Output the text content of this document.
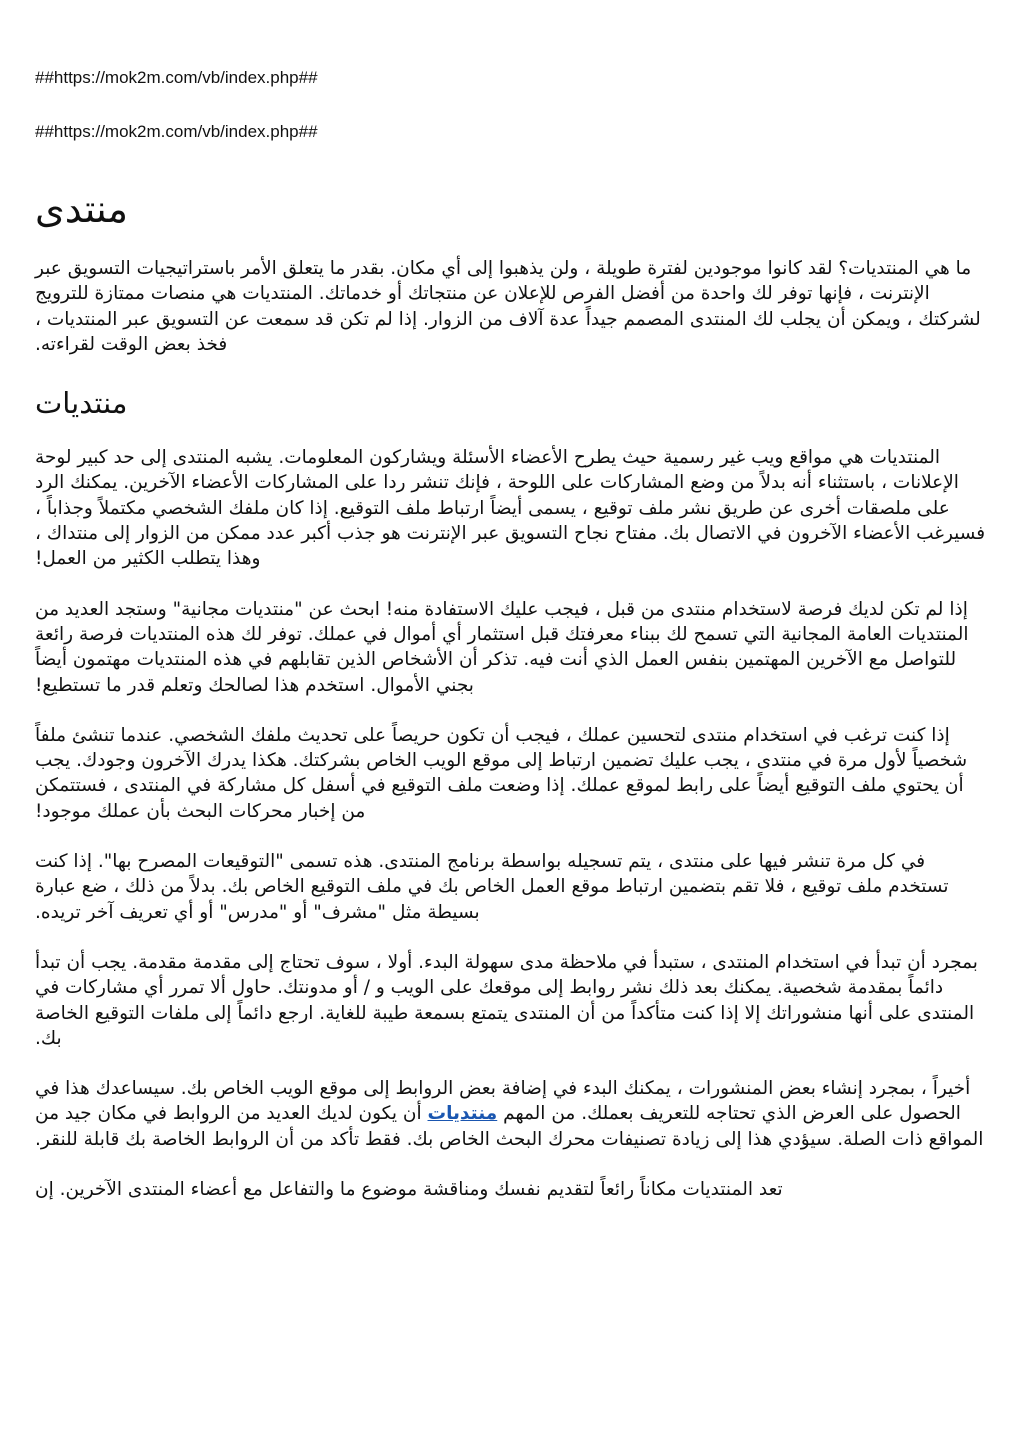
##https://mok2m.com/vb/index.php##

##https://mok2m.com/vb/index.php##

منتدى

ما هي المنتديات؟ لقد كانوا موجودين لفترة طويلة ، ولن يذهبوا إلى أي مكان. بقدر ما يتعلق الأمر باستراتيجيات التسويق عبر الإنترنت ، فإنها توفر لك واحدة من أفضل الفرص للإعلان عن منتجاتك أو خدماتك. المنتديات هي منصات ممتازة للترويج لشركتك ، ويمكن أن يجلب لك المنتدى المصمم جيداً عدة آلاف من الزوار. إذا لم تكن قد سمعت عن التسويق عبر المنتديات ، فخذ بعض الوقت لقراءته.

منتديات

المنتديات هي مواقع ويب غير رسمية حيث يطرح الأعضاء الأسئلة ويشاركون المعلومات. يشبه المنتدى إلى حد كبير لوحة الإعلانات ، باستثناء أنه بدلاً من وضع المشاركات على اللوحة ، فإنك تنشر ردا على المشاركات الأعضاء الآخرين. يمكنك الرد على ملصقات أخرى عن طريق نشر ملف توقيع ، يسمى أيضاً ارتباط ملف التوقيع. إذا كان ملفك الشخصي مكتملاً وجذاباً ، فسيرغب الأعضاء الآخرون في الاتصال بك. مفتاح نجاح التسويق عبر الإنترنت هو جذب أكبر عدد ممكن من الزوار إلى منتداك ، وهذا يتطلب الكثير من العمل!

إذا لم تكن لديك فرصة لاستخدام منتدى من قبل ، فيجب عليك الاستفادة منه! ابحث عن "منتديات مجانية" وستجد العديد من المنتديات العامة المجانية التي تسمح لك ببناء معرفتك قبل استثمار أي أموال في عملك. توفر لك هذه المنتديات فرصة رائعة للتواصل مع الآخرين المهتمين بنفس العمل الذي أنت فيه. تذكر أن الأشخاص الذين تقابلهم في هذه المنتديات مهتمون أيضاً بجني الأموال. استخدم هذا لصالحك وتعلم قدر ما تستطيع!

إذا كنت ترغب في استخدام منتدى لتحسين عملك ، فيجب أن تكون حريصاً على تحديث ملفك الشخصي. عندما تنشئ ملفاً شخصياً لأول مرة في منتدى ، يجب عليك تضمين ارتباط إلى موقع الويب الخاص بشركتك. هكذا يدرك الآخرون وجودك. يجب أن يحتوي ملف التوقيع أيضاً على رابط لموقع عملك. إذا وضعت ملف التوقيع في أسفل كل مشاركة في المنتدى ، فستتمكن من إخبار محركات البحث بأن عملك موجود!

في كل مرة تنشر فيها على منتدى ، يتم تسجيله بواسطة برنامج المنتدى. هذه تسمى "التوقيعات المصرح بها". إذا كنت تستخدم ملف توقيع ، فلا تقم بتضمين ارتباط موقع العمل الخاص بك في ملف التوقيع الخاص بك. بدلاً من ذلك ، ضع عبارة بسيطة مثل "مشرف" أو "مدرس" أو أي تعريف آخر تريده.

بمجرد أن تبدأ في استخدام المنتدى ، ستبدأ في ملاحظة مدى سهولة البدء. أولا ، سوف تحتاج إلى مقدمة مقدمة. يجب أن تبدأ دائماً بمقدمة شخصية. يمكنك بعد ذلك نشر روابط إلى موقعك على الويب و / أو مدونتك. حاول ألا تمرر أي مشاركات في المنتدى على أنها منشوراتك إلا إذا كنت متأكداً من أن المنتدى يتمتع بسمعة طيبة للغاية. ارجع دائماً إلى ملفات التوقيع الخاصة بك.

أخيراً ، بمجرد إنشاء بعض المنشورات ، يمكنك البدء في إضافة بعض الروابط إلى موقع الويب الخاص بك. سيساعدك هذا في الحصول على العرض الذي تحتاجه للتعريف بعملك. من المهم منتديات أن يكون لديك العديد من الروابط في مكان جيد من المواقع ذات الصلة. سيؤدي هذا إلى زيادة تصنيفات محرك البحث الخاص بك. فقط تأكد من أن الروابط الخاصة بك قابلة للنقر.

تعد المنتديات مكاناً رائعاً لتقديم نفسك ومناقشة موضوع ما والتفاعل مع أعضاء المنتدى الآخرين. إن
